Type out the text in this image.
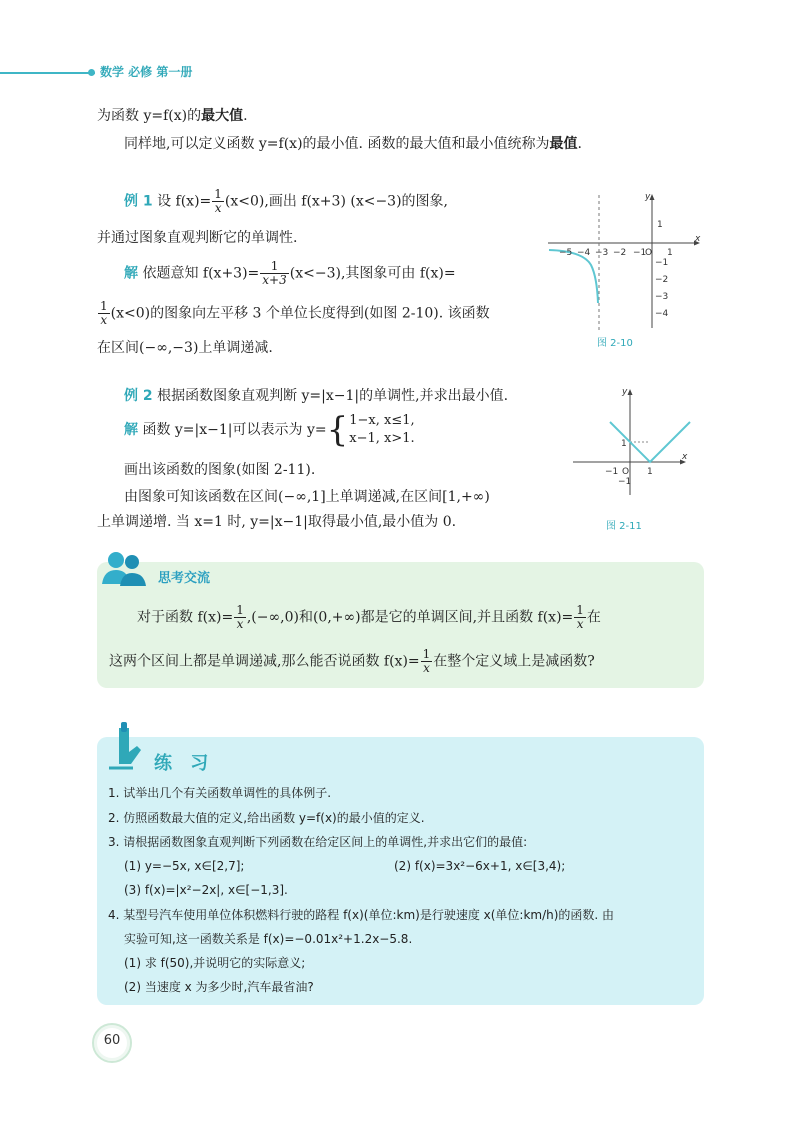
数学 必修 第一册
为函数 y=f(x)的最大值.
同样地,可以定义函数 y=f(x)的最小值. 函数的最大值和最小值统称为最值.
例 1 设 $f(x)= \frac{1}{x} (x<0)$,画出 f(x+3) (x<−3)的图象,
并通过图象直观判断它的单调性.
解 依题意知 $f(x+3)= \frac{1}{x+3} (x<-3)$,其图象可由 f(x)=
$\frac{1}{x} (x<0)$的图象向左平移 3 个单位长度得到(如图 2-10). 该函数
在区间(−∞,−3)上单调递减.
−5 −4 −3 −2 −1
O 1
1
−1
−2
−3
−4
x
y
图 2-10
例 2 根据函数图象直观判断 y=|x−1|的单调性,并求出最小值.
解 函数 y=|x−1|可以表示为 y={ 1−x, x≤1,
x−1, x>1.
画出该函数的图象(如图 2-11).
由图象可知该函数在区间(−∞,1]上单调递减,在区间[1,+∞)
上单调递增. 当 x=1 时, y=|x−1|取得最小值,最小值为 0.
−1 O 1
1
−1
x
y
图 2-11
思考交流
对于函数 $f(x)= \frac{1}{x} ,(-\infty,0)$和(0,+∞)都是它的单调区间,并且函数 $f(x)= \frac{1}{x}$ 在
这两个区间上都是单调递减,那么能否说函数 $f(x)= \frac{1}{x}$ 在整个定义域上是减函数?
练 习
1. 试举出几个有关函数单调性的具体例子.
2. 仿照函数最大值的定义,给出函数 y=f(x)的最小值的定义.
3. 请根据函数图象直观判断下列函数在给定区间上的单调性,并求出它们的最值:
(1) y=−5x, x∈[2,7];	(2) f(x)=3x²−6x+1, x∈[3,4);
(3) f(x)=|x²−2x|, x∈[−1,3].
4. 某型号汽车使用单位体积燃料行驶的路程 f(x)(单位:km)是行驶速度 x(单位:km/h)的函数. 由
实验可知,这一函数关系是 f(x)=−0.01x²+1.2x−5.8.
(1) 求 f(50),并说明它的实际意义;
(2) 当速度 x 为多少时,汽车最省油?
60
